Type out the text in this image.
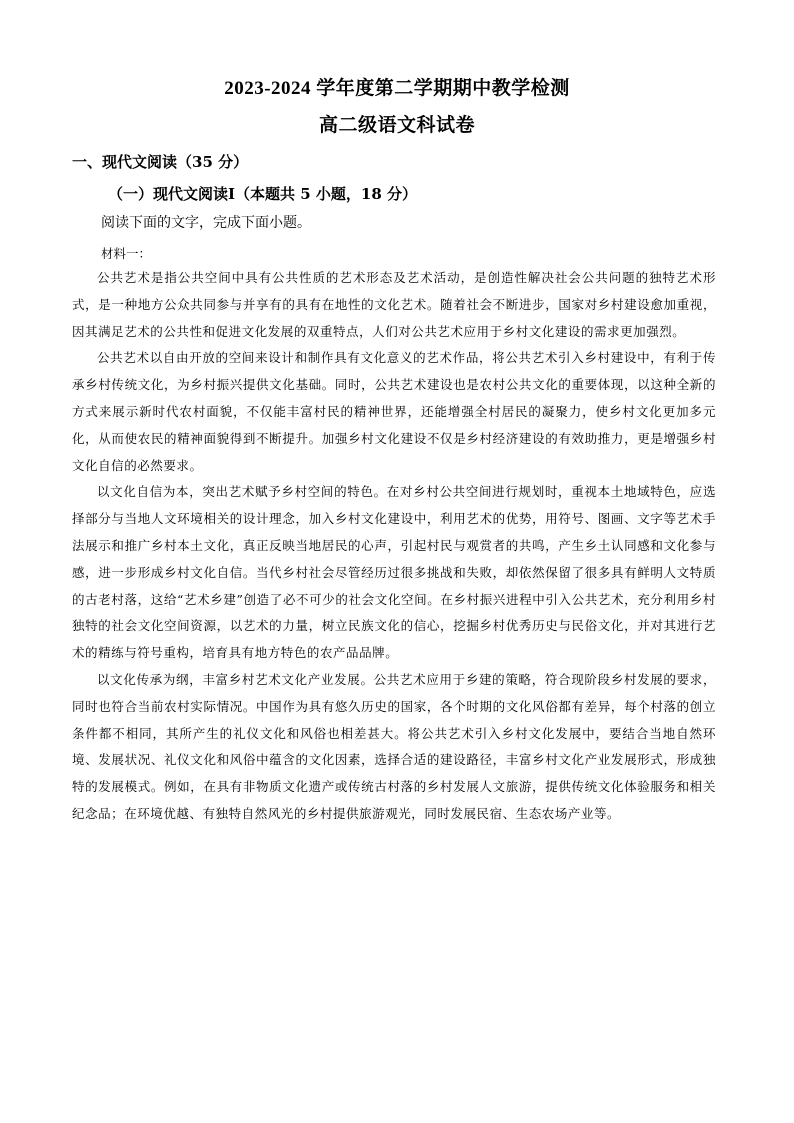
2023-2024 学年度第二学期期中教学检测
高二级语文科试卷
一、现代文阅读（35 分）
（一）现代文阅读Ⅰ（本题共 5 小题，18 分）
阅读下面的文字，完成下面小题。
材料一：

公共艺术是指公共空间中具有公共性质的艺术形态及艺术活动，是创造性解决社会公共问题的独特艺术形式，是一种地方公众共同参与并享有的具有在地性的文化艺术。随着社会不断进步，国家对乡村建设愈加重视，因其满足艺术的公共性和促进文化发展的双重特点，人们对公共艺术应用于乡村文化建设的需求更加强烈。

公共艺术以自由开放的空间来设计和制作具有文化意义的艺术作品，将公共艺术引入乡村建设中，有利于传承乡村传统文化，为乡村振兴提供文化基础。同时，公共艺术建设也是农村公共文化的重要体现，以这种全新的方式来展示新时代农村面貌，不仅能丰富村民的精神世界，还能增强全村居民的凝聚力，使乡村文化更加多元化，从而使农民的精神面貌得到不断提升。加强乡村文化建设不仅是乡村经济建设的有效助推力，更是增强乡村文化自信的必然要求。

以文化自信为本，突出艺术赋予乡村空间的特色。在对乡村公共空间进行规划时，重视本土地域特色，应选择部分与当地人文环境相关的设计理念，加入乡村文化建设中，利用艺术的优势，用符号、图画、文字等艺术手法展示和推广乡村本土文化，真正反映当地居民的心声，引起村民与观赏者的共鸣，产生乡土认同感和文化参与感，进一步形成乡村文化自信。当代乡村社会尽管经历过很多挑战和失败，却依然保留了很多具有鲜明人文特质的古老村落，这给“艺术乡建”创造了必不可少的社会文化空间。在乡村振兴进程中引入公共艺术，充分利用乡村独特的社会文化空间资源，以艺术的力量，树立民族文化的信心，挖掘乡村优秀历史与民俗文化，并对其进行艺术的精练与符号重构，培育具有地方特色的农产品品牌。

以文化传承为纲，丰富乡村艺术文化产业发展。公共艺术应用于乡建的策略，符合现阶段乡村发展的要求，同时也符合当前农村实际情况。中国作为具有悠久历史的国家，各个时期的文化风俗都有差异，每个村落的创立条件都不相同，其所产生的礼仪文化和风俗也相差甚大。将公共艺术引入乡村文化发展中，要结合当地自然环境、发展状况、礼仪文化和风俗中蕴含的文化因素，选择合适的建设路径，丰富乡村文化产业发展形式，形成独特的发展模式。例如，在具有非物质文化遗产或传统古村落的乡村发展人文旅游，提供传统文化体验服务和相关纪念品；在环境优越、有独特自然风光的乡村提供旅游观光，同时发展民宿、生态农场产业等。
